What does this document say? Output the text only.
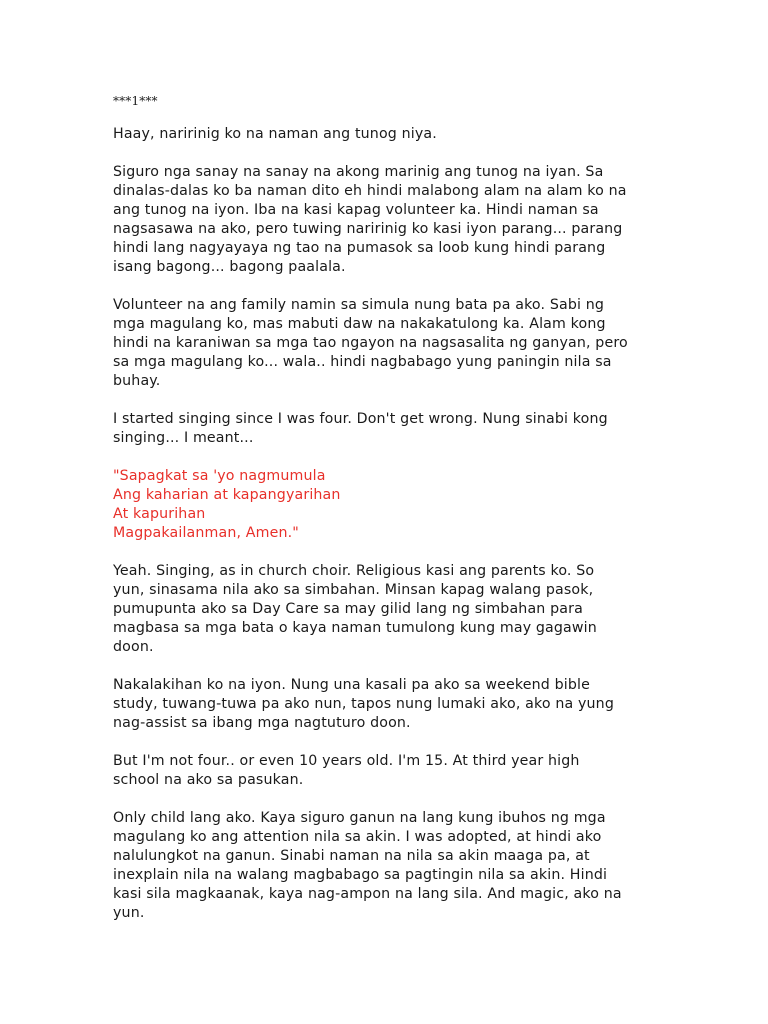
***1***

Haay, naririnig ko na naman ang tunog niya.

Siguro nga sanay na sanay na akong marinig ang tunog na iyan. Sa
dinalas-dalas ko ba naman dito eh hindi malabong alam na alam ko na
ang tunog na iyon. Iba na kasi kapag volunteer ka. Hindi naman sa
nagsasawa na ako, pero tuwing naririnig ko kasi iyon parang... parang
hindi lang nagyayaya ng tao na pumasok sa loob kung hindi parang
isang bagong... bagong paalala.

Volunteer na ang family namin sa simula nung bata pa ako. Sabi ng
mga magulang ko, mas mabuti daw na nakakatulong ka. Alam kong
hindi na karaniwan sa mga tao ngayon na nagsasalita ng ganyan, pero
sa mga magulang ko... wala.. hindi nagbabago yung paningin nila sa
buhay.

I started singing since I was four. Don't get wrong. Nung sinabi kong
singing... I meant...

"Sapagkat sa 'yo nagmumula
Ang kaharian at kapangyarihan
At kapurihan
Magpakailanman, Amen."

Yeah. Singing, as in church choir. Religious kasi ang parents ko. So
yun, sinasama nila ako sa simbahan. Minsan kapag walang pasok,
pumupunta ako sa Day Care sa may gilid lang ng simbahan para
magbasa sa mga bata o kaya naman tumulong kung may gagawin
doon.

Nakalakihan ko na iyon. Nung una kasali pa ako sa weekend bible
study, tuwang-tuwa pa ako nun, tapos nung lumaki ako, ako na yung
nag-assist sa ibang mga nagtuturo doon.

But I'm not four.. or even 10 years old. I'm 15. At third year high
school na ako sa pasukan.

Only child lang ako. Kaya siguro ganun na lang kung ibuhos ng mga
magulang ko ang attention nila sa akin. I was adopted, at hindi ako
nalulungkot na ganun. Sinabi naman na nila sa akin maaga pa, at
inexplain nila na walang magbabago sa pagtingin nila sa akin. Hindi
kasi sila magkaanak, kaya nag-ampon na lang sila. And magic, ako na
yun.
